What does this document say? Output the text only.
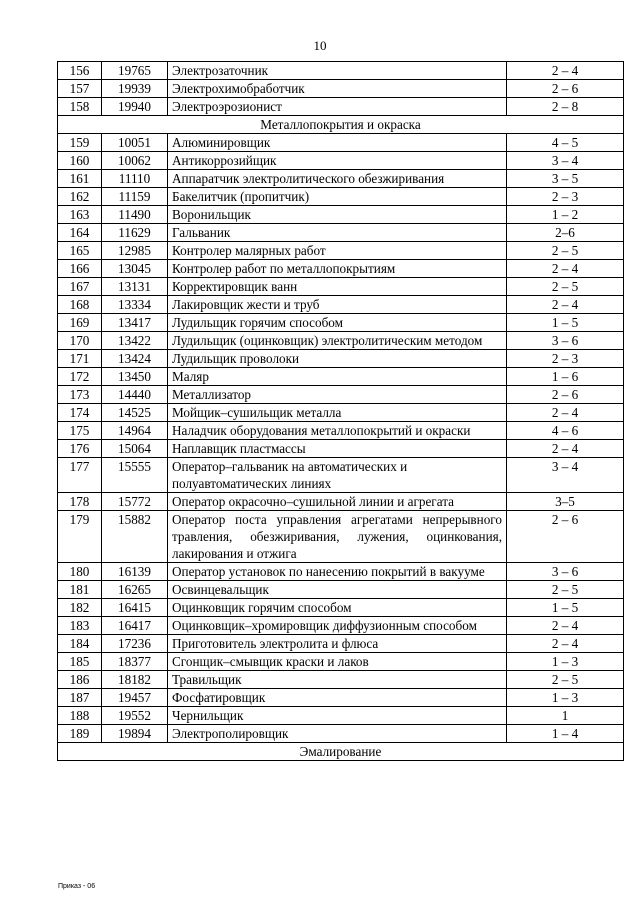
10
156	19765	Электрозаточник	2 – 4
157	19939	Электрохимобработчик	2 – 6
158	19940	Электроэрозионист	2 – 8
Металлопокрытия и окраска			
159	10051	Алюминировщик	4 – 5
160	10062	Антикоррозийщик	3 – 4
161	11110	Аппаратчик электролитического обезжиривания	3 – 5
162	11159	Бакелитчик (пропитчик)	2 – 3
163	11490	Воронильщик	1 – 2
164	11629	Гальваник	2–6
165	12985	Контролер малярных работ	2 – 5
166	13045	Контролер работ по металлопокрытиям	2 – 4
167	13131	Корректировщик ванн	2 – 5
168	13334	Лакировщик жести и труб	2 – 4
169	13417	Лудильщик горячим способом	1 – 5
170	13422	Лудильщик (оцинковщик) электролитическим методом	3 – 6
171	13424	Лудильщик проволоки	2 – 3
172	13450	Маляр	1 – 6
173	14440	Металлизатор	2 – 6
174	14525	Мойщик–сушильщик металла	2 – 4
175	14964	Наладчик оборудования металлопокрытий и окраски	4 – 6
176	15064	Наплавщик пластмассы	2 – 4
177	15555	Оператор–гальваник на автоматических и полуавтоматических линиях	3 – 4
178	15772	Оператор окрасочно–сушильной линии и агрегата	3–5
179	15882	Оператор поста управления агрегатами непрерывного травления, обезжиривания, лужения, оцинкования, лакирования и отжига	2 – 6
180	16139	Оператор установок по нанесению покрытий в вакууме	3 – 6
181	16265	Освинцевальщик	2 – 5
182	16415	Оцинковщик горячим способом	1 – 5
183	16417	Оцинковщик–хромировщик диффузионным способом	2 – 4
184	17236	Приготовитель электролита и флюса	2 – 4
185	18377	Сгонщик–смывщик краски и лаков	1 – 3
186	18182	Травильщик	2 – 5
187	19457	Фосфатировщик	1 – 3
188	19552	Чернильщик	1
189	19894	Электрополировщик	1 – 4
Эмалирование			
Приказ - 06
